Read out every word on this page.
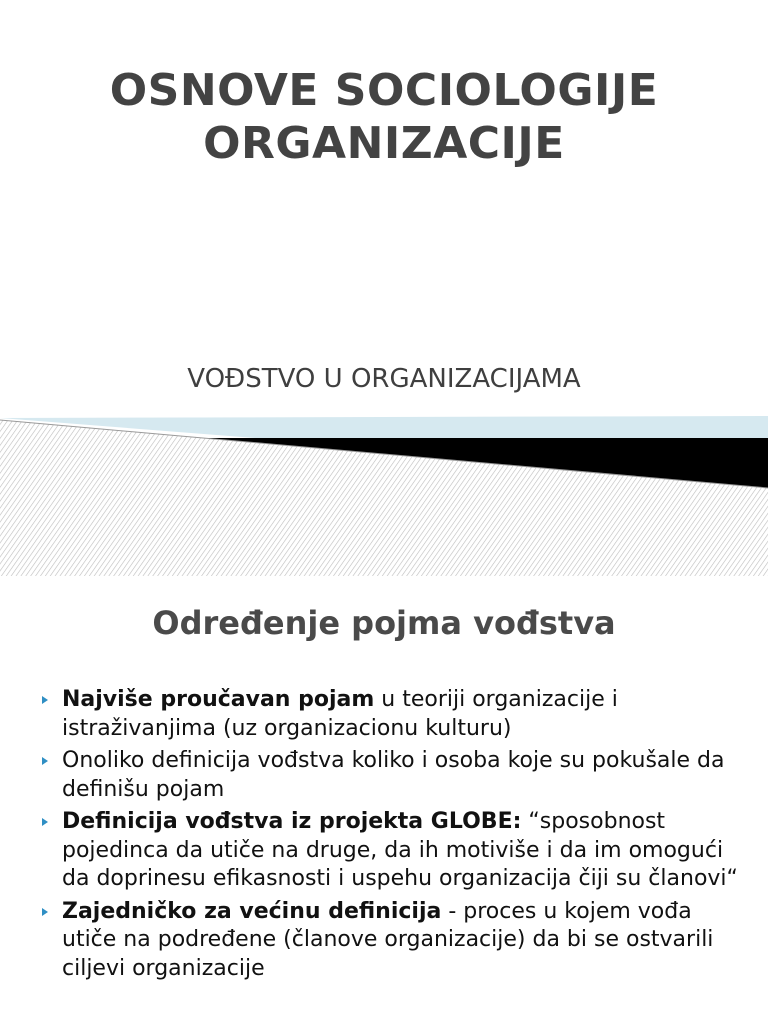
OSNOVE SOCIOLOGIJE
ORGANIZACIJE
VOĐSTVO U ORGANIZACIJAMA
Određenje pojma vođstva
Najviše proučavan pojam u teoriji organizacije i istraživanjima (uz organizacionu kulturu)
Onoliko definicija vođstva koliko i osoba koje su pokušale da definišu pojam
Definicija vođstva iz projekta GLOBE: “sposobnost pojedinca da utiče na druge, da ih motiviše i da im omogući da doprinesu efikasnosti i uspehu organizacija čiji su članovi“
Zajedničko za većinu definicija - proces u kojem vođa utiče na podređene (članove organizacije) da bi se ostvarili ciljevi organizacije
